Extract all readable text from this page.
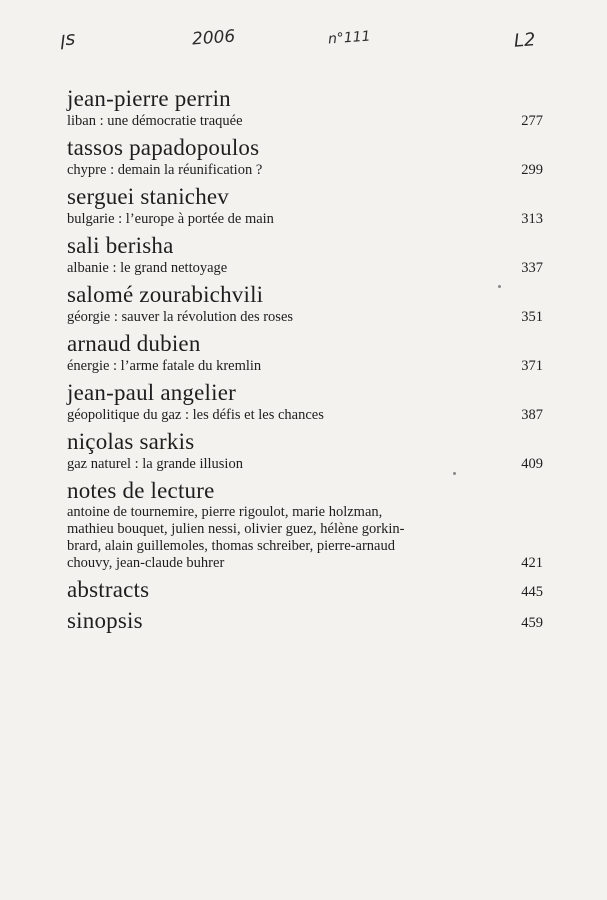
ꞁs	2006	n°111	L2
jean-pierre perrin
liban : une démocratie traquée	277
tassos papadopoulos
chypre : demain la réunification ?	299
serguei stanichev
bulgarie : l’europe à portée de main	313
sali berisha
albanie : le grand nettoyage	337
salomé zourabichvili
géorgie : sauver la révolution des roses	351
arnaud dubien
énergie : l’arme fatale du kremlin	371
jean-paul angelier
géopolitique du gaz : les défis et les chances	387
niçolas sarkis
gaz naturel : la grande illusion	409
notes de lecture
antoine de tournemire, pierre rigoulot, marie holzman,
mathieu bouquet, julien nessi, olivier guez, hélène gorkin-
brard, alain guillemoles, thomas schreiber, pierre-arnaud
chouvy, jean-claude buhrer	421
abstracts	445
sinopsis	459
